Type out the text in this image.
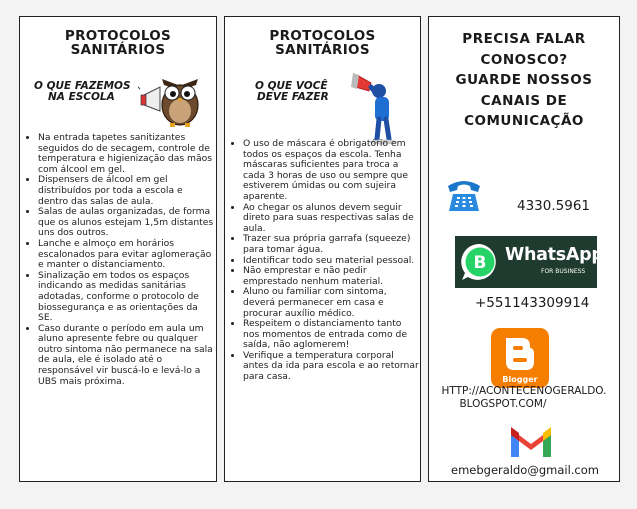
PROTOCOLOS
SANITÁRIOS
O QUE FAZEMOS
NA ESCOLA
• Na entrada tapetes sanitizantes seguidos do de secagem, controle de temperatura e higienização das mãos com álcool em gel.
• Dispensers de álcool em gel distribuídos por toda a escola e dentro das salas de aula.
• Salas de aulas organizadas, de forma que os alunos estejam 1,5m distantes uns dos outros.
• Lanche e almoço em horários escalonados para evitar aglomeração e manter o distanciamento.
• Sinalização em todos os espaços indicando as medidas sanitárias adotadas, conforme o protocolo de biossegurança e as orientações da SE.
• Caso durante o período em aula um aluno apresente febre ou qualquer outro sintoma não permanece na sala de aula, ele é isolado até o responsável vir buscá-lo e levá-lo a UBS mais próxima.
PROTOCOLOS
SANITÁRIOS
O QUE VOCÊ
DEVE FAZER
• O uso de máscara é obrigatório em todos os espaços da escola. Tenha máscaras suficientes para troca a cada 3 horas de uso ou sempre que estiverem úmidas ou com sujeira aparente.
• Ao chegar os alunos devem seguir direto para suas respectivas salas de aula.
• Trazer sua própria garrafa (squeeze) para tomar água.
• Identificar todo seu material pessoal.
• Não emprestar e não pedir emprestado nenhum material.
• Aluno ou familiar com sintoma, deverá permanecer em casa e procurar auxílio médico.
• Respeitem o distanciamento tanto nos momentos de entrada como de saída, não aglomerem!
• Verifique a temperatura corporal antes da ida para escola e ao retornar para casa.
PRECISA FALAR
CONOSCO?
GUARDE NOSSOS
CANAIS DE
COMUNICAÇÃO
4330.5961
B WhatsApp
FOR BUSINESS
+551143309914
Blogger
HTTP://ACONTECENOGERALDO.
BLOGSPOT.COM/
emebgeraldo@gmail.com
